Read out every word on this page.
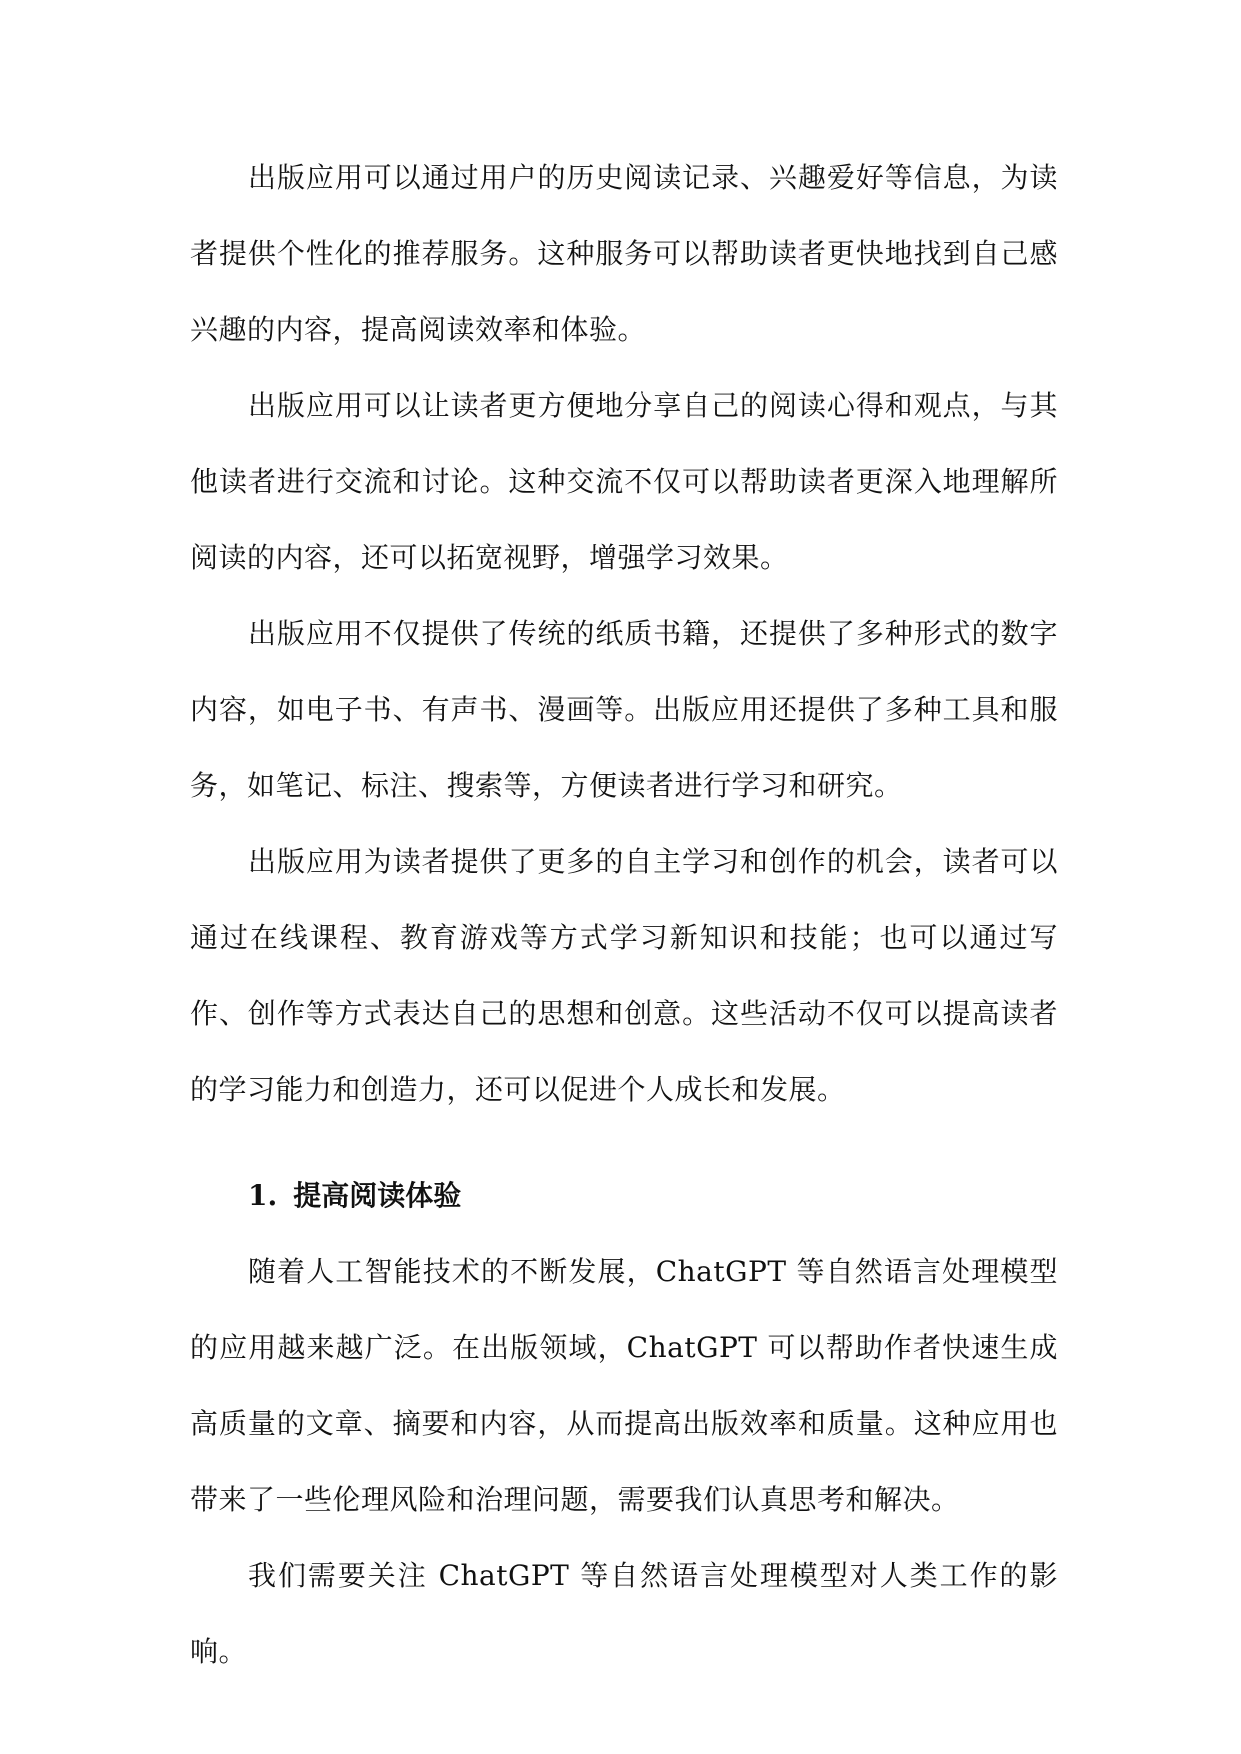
出版应用可以通过用户的历史阅读记录、兴趣爱好等信息，为读者提供个性化的推荐服务。这种服务可以帮助读者更快地找到自己感兴趣的内容，提高阅读效率和体验。

出版应用可以让读者更方便地分享自己的阅读心得和观点，与其他读者进行交流和讨论。这种交流不仅可以帮助读者更深入地理解所阅读的内容，还可以拓宽视野，增强学习效果。

出版应用不仅提供了传统的纸质书籍，还提供了多种形式的数字内容，如电子书、有声书、漫画等。出版应用还提供了多种工具和服务，如笔记、标注、搜索等，方便读者进行学习和研究。

出版应用为读者提供了更多的自主学习和创作的机会，读者可以通过在线课程、教育游戏等方式学习新知识和技能；也可以通过写作、创作等方式表达自己的思想和创意。这些活动不仅可以提高读者的学习能力和创造力，还可以促进个人成长和发展。

1. 提高阅读体验

随着人工智能技术的不断发展，ChatGPT 等自然语言处理模型的应用越来越广泛。在出版领域，ChatGPT 可以帮助作者快速生成高质量的文章、摘要和内容，从而提高出版效率和质量。这种应用也带来了一些伦理风险和治理问题，需要我们认真思考和解决。

我们需要关注 ChatGPT 等自然语言处理模型对人类工作的影响。
